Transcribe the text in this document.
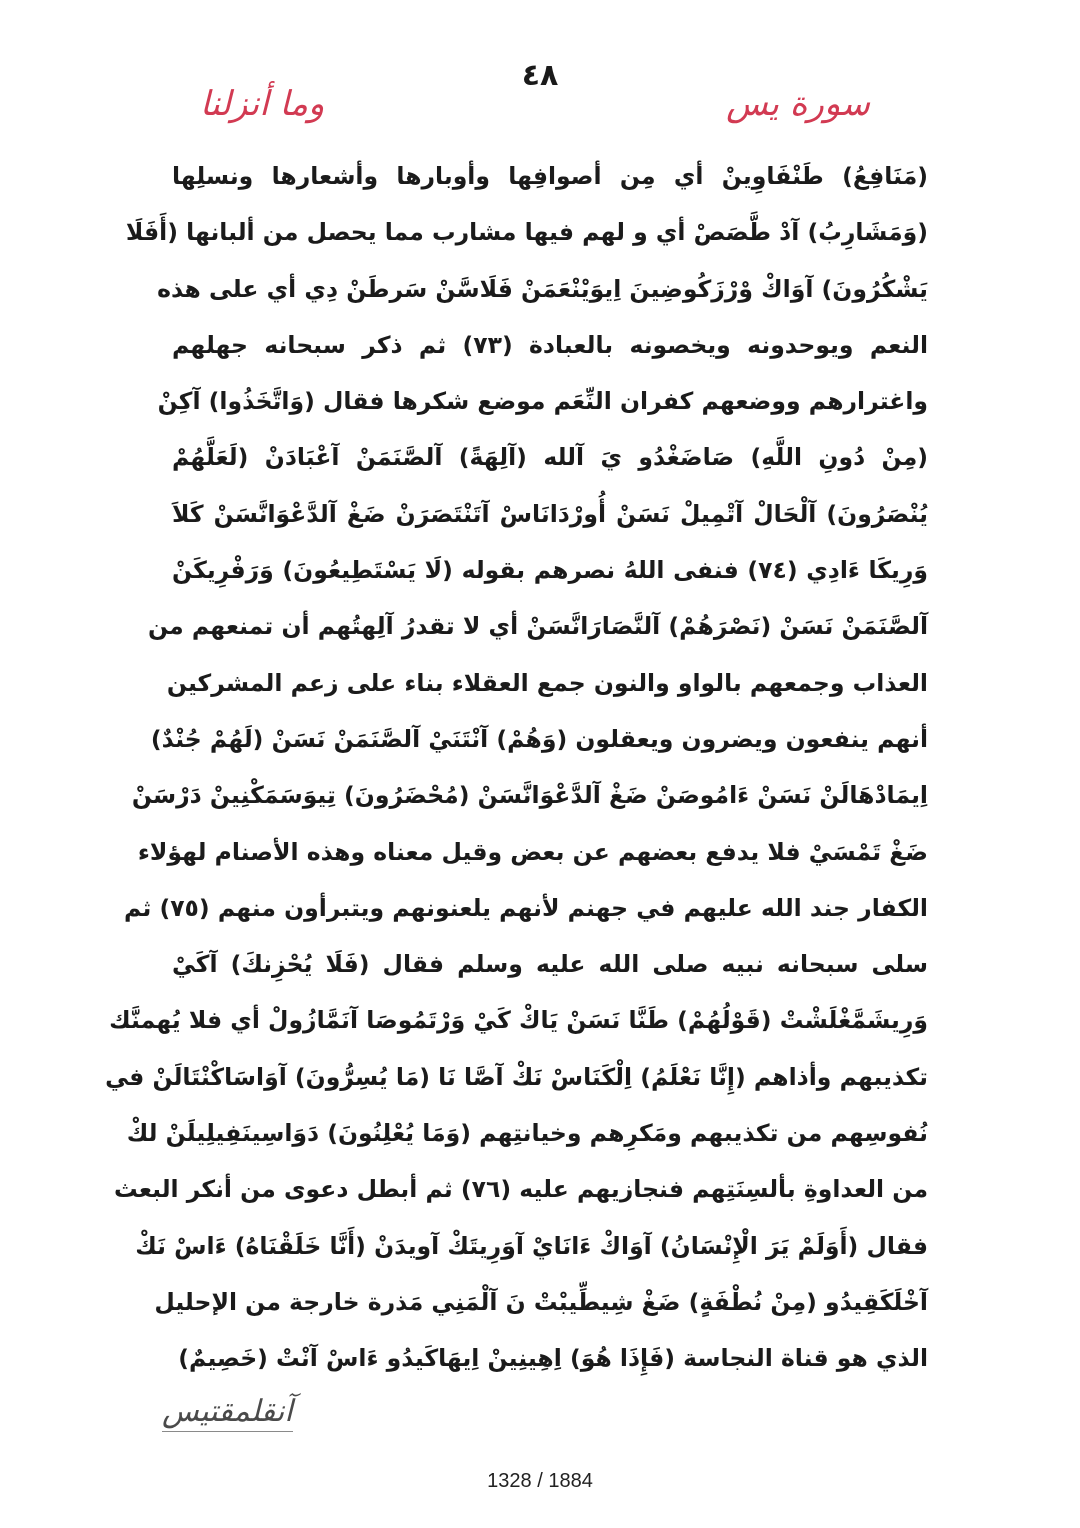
٤٨
سورة يس
وما أنزلنا
(مَنَافِعُ) طَنْفَاوِينْ أي مِن أصوافِها وأوبارها وأشعارها ونسلِها
(وَمَشَارِبُ) آدْ طَّصَصْ أي و لهم فيها مشارب مما يحصل من ألبانها (أَفَلَا
يَشْكُرُونَ) آوَاكْ وْرْزَكُوضِينَ اِيوَيْنْعَمَنْ فَلَاسَّنْ سَرطَنْ دِي أي على هذه
النعم ويوحدونه ويخصونه بالعبادة (٧٣) ثم ذكر سبحانه جهلهم
واغترارهم ووضعهم كفران النِّعَم موضع شكرها فقال (وَاتَّخَذُوا) آكِنْ
(مِنْ دُونِ اللَّهِ) صَاضَغْدُو يَ آلله (آلِهَةً) آلصَّنَمَنْ آعْبَادَنْ (لَعَلَّهُمْ
يُنْصَرُونَ) آلْحَالْ آتْمِيلْ نَسَنْ أُورْدَانَاسْ آتَنْتَصَرَنْ ضَغْ آلدَّعْوَانَّسَنْ كَلاَ
وَرِيكَا ءَادِي (٧٤) فنفى اللهُ نصرهم بقوله (لَا يَسْتَطِيعُونَ) وَرَفْرِيكَنْ
آلصَّنَمَنْ نَسَنْ (نَصْرَهُمْ) آلنَّصَارَانَّسَنْ أي لا تقدرُ آلِهتُهم أن تمنعهم من
العذاب وجمعهم بالواو والنون جمع العقلاء بناء على زعم المشركين
أنهم ينفعون ويضرون ويعقلون (وَهُمْ) آنْتَنَيْ آلصَّنَمَنْ نَسَنْ (لَهُمْ جُنْدٌ)
اِيمَادْهَالَنْ نَسَنْ ءَامُوصَنْ ضَغْ آلدَّعْوَانَّسَنْ (مُحْضَرُونَ) تِيوَسَمَكْنِينْ دَرْسَنْ
ضَغْ تَمْسَيْ فلا يدفع بعضهم عن بعض وقيل معناه وهذه الأصنام لهؤلاء
الكفار جند الله عليهم في جهنم لأنهم يلعنونهم ويتبرأون منهم (٧٥) ثم
سلى سبحانه نبيه صلى الله عليه وسلم فقال (فَلَا يُحْزِنكَ) آكَيْ
وَرِيشَمَّغْلَشْتْ (قَوْلُهُمْ) طَنَّا نَسَنْ يَاكْ كَيْ وَرْتَمُوصَا آنَمَّازُولْ أي فلا يُهمنَّك
تكذيبهم وأذاهم (إِنَّا نَعْلَمُ) اِلْكَنَاسْ نَكْ آصَّا نَا (مَا يُسِرُّونَ) آوَاسَاكْنْتَالَنْ في
نُفوسِهم من تكذيبهم ومَكرِهم وخيانتِهم (وَمَا يُعْلِنُونَ) دَوَاسِينَفِيلِيلَنْ لكْ
من العداوةِ بألسِنَتِهم فنجازيهم عليه (٧٦) ثم أبطل دعوى من أنكر البعث
فقال (أَوَلَمْ يَرَ الْإِنْسَانُ) آوَاكْ ءَانَايْ آوَرِيتَكْ آويدَنْ (أَنَّا خَلَقْنَاهُ) ءَاسْ نَكْ
آخْلَكَقِيدُو (مِنْ نُطْفَةٍ) ضَغْ شِيطِّيبْتْ نَ آلْمَنِي مَذرة خارجة من الإحليل
الذي هو قناة النجاسة (فَإِذَا هُوَ) اِهِينِينْ اِيهَاكَيدُو ءَاسْ آنْتْ (خَصِيمٌ)
آنقلمقتيس
1328 / 1884
